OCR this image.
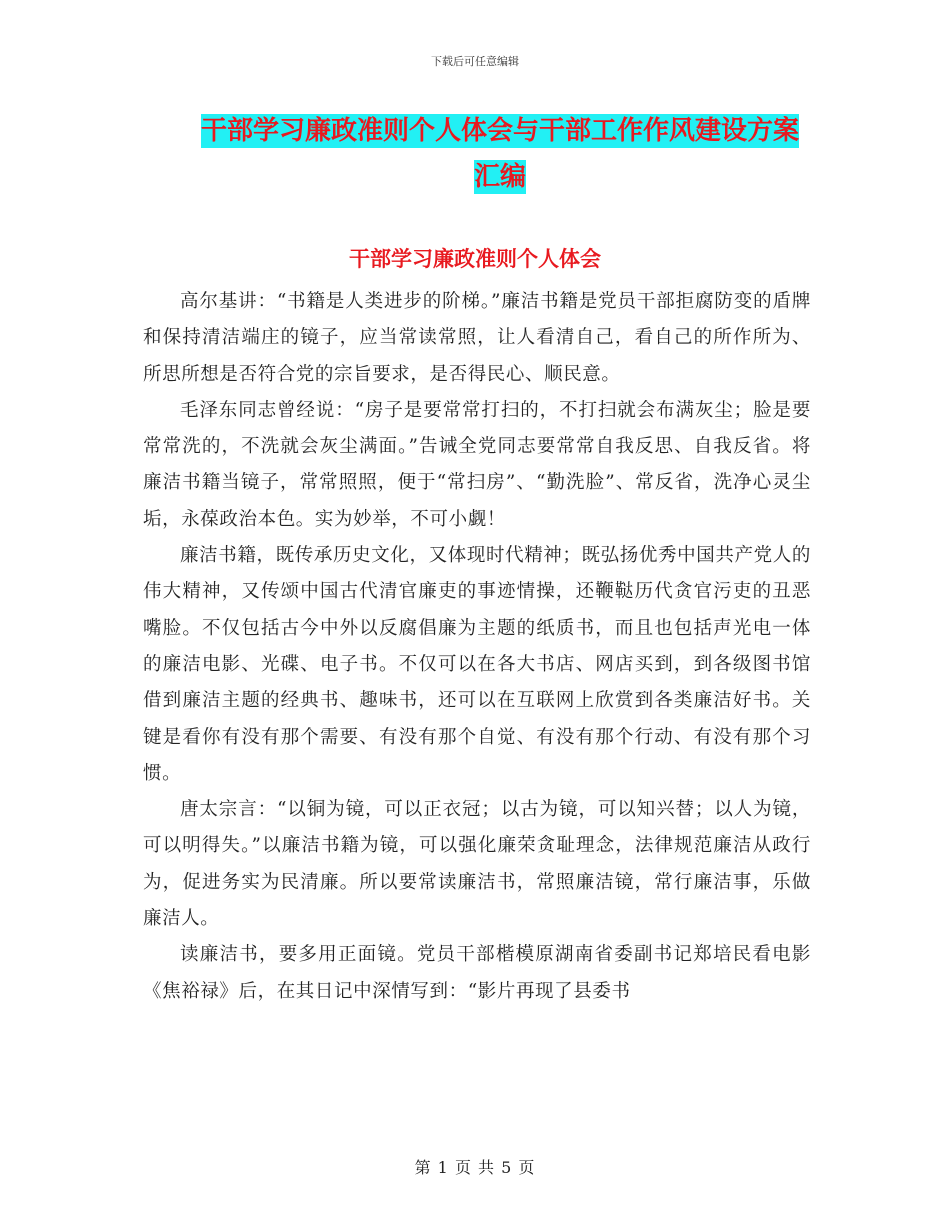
下载后可任意编辑
干部学习廉政准则个人体会与干部工作作风建设方案
汇编
干部学习廉政准则个人体会

高尔基讲：“书籍是人类进步的阶梯。”廉洁书籍是党员干部拒腐防变的盾牌和保持清洁端庄的镜子，应当常读常照，让人看清自己，看自己的所作所为、所思所想是否符合党的宗旨要求，是否得民心、顺民意。

毛泽东同志曾经说：“房子是要常常打扫的，不打扫就会布满灰尘；脸是要常常洗的，不洗就会灰尘满面。”告诫全党同志要常常自我反思、自我反省。将廉洁书籍当镜子，常常照照，便于“常扫房”、“勤洗脸”、常反省，洗净心灵尘垢，永葆政治本色。实为妙举，不可小觑！

廉洁书籍，既传承历史文化，又体现时代精神；既弘扬优秀中国共产党人的伟大精神，又传颂中国古代清官廉吏的事迹情操，还鞭鞑历代贪官污吏的丑恶嘴脸。不仅包括古今中外以反腐倡廉为主题的纸质书，而且也包括声光电一体的廉洁电影、光碟、电子书。不仅可以在各大书店、网店买到，到各级图书馆借到廉洁主题的经典书、趣味书，还可以在互联网上欣赏到各类廉洁好书。关键是看你有没有那个需要、有没有那个自觉、有没有那个行动、有没有那个习惯。

唐太宗言：“以铜为镜，可以正衣冠；以古为镜，可以知兴替；以人为镜，可以明得失。”以廉洁书籍为镜，可以强化廉荣贪耻理念，法律规范廉洁从政行为，促进务实为民清廉。所以要常读廉洁书，常照廉洁镜，常行廉洁事，乐做廉洁人。

读廉洁书，要多用正面镜。党员干部楷模原湖南省委副书记郑培民看电影《焦裕禄》后，在其日记中深情写到：“影片再现了县委书

第 1 页 共 5 页
